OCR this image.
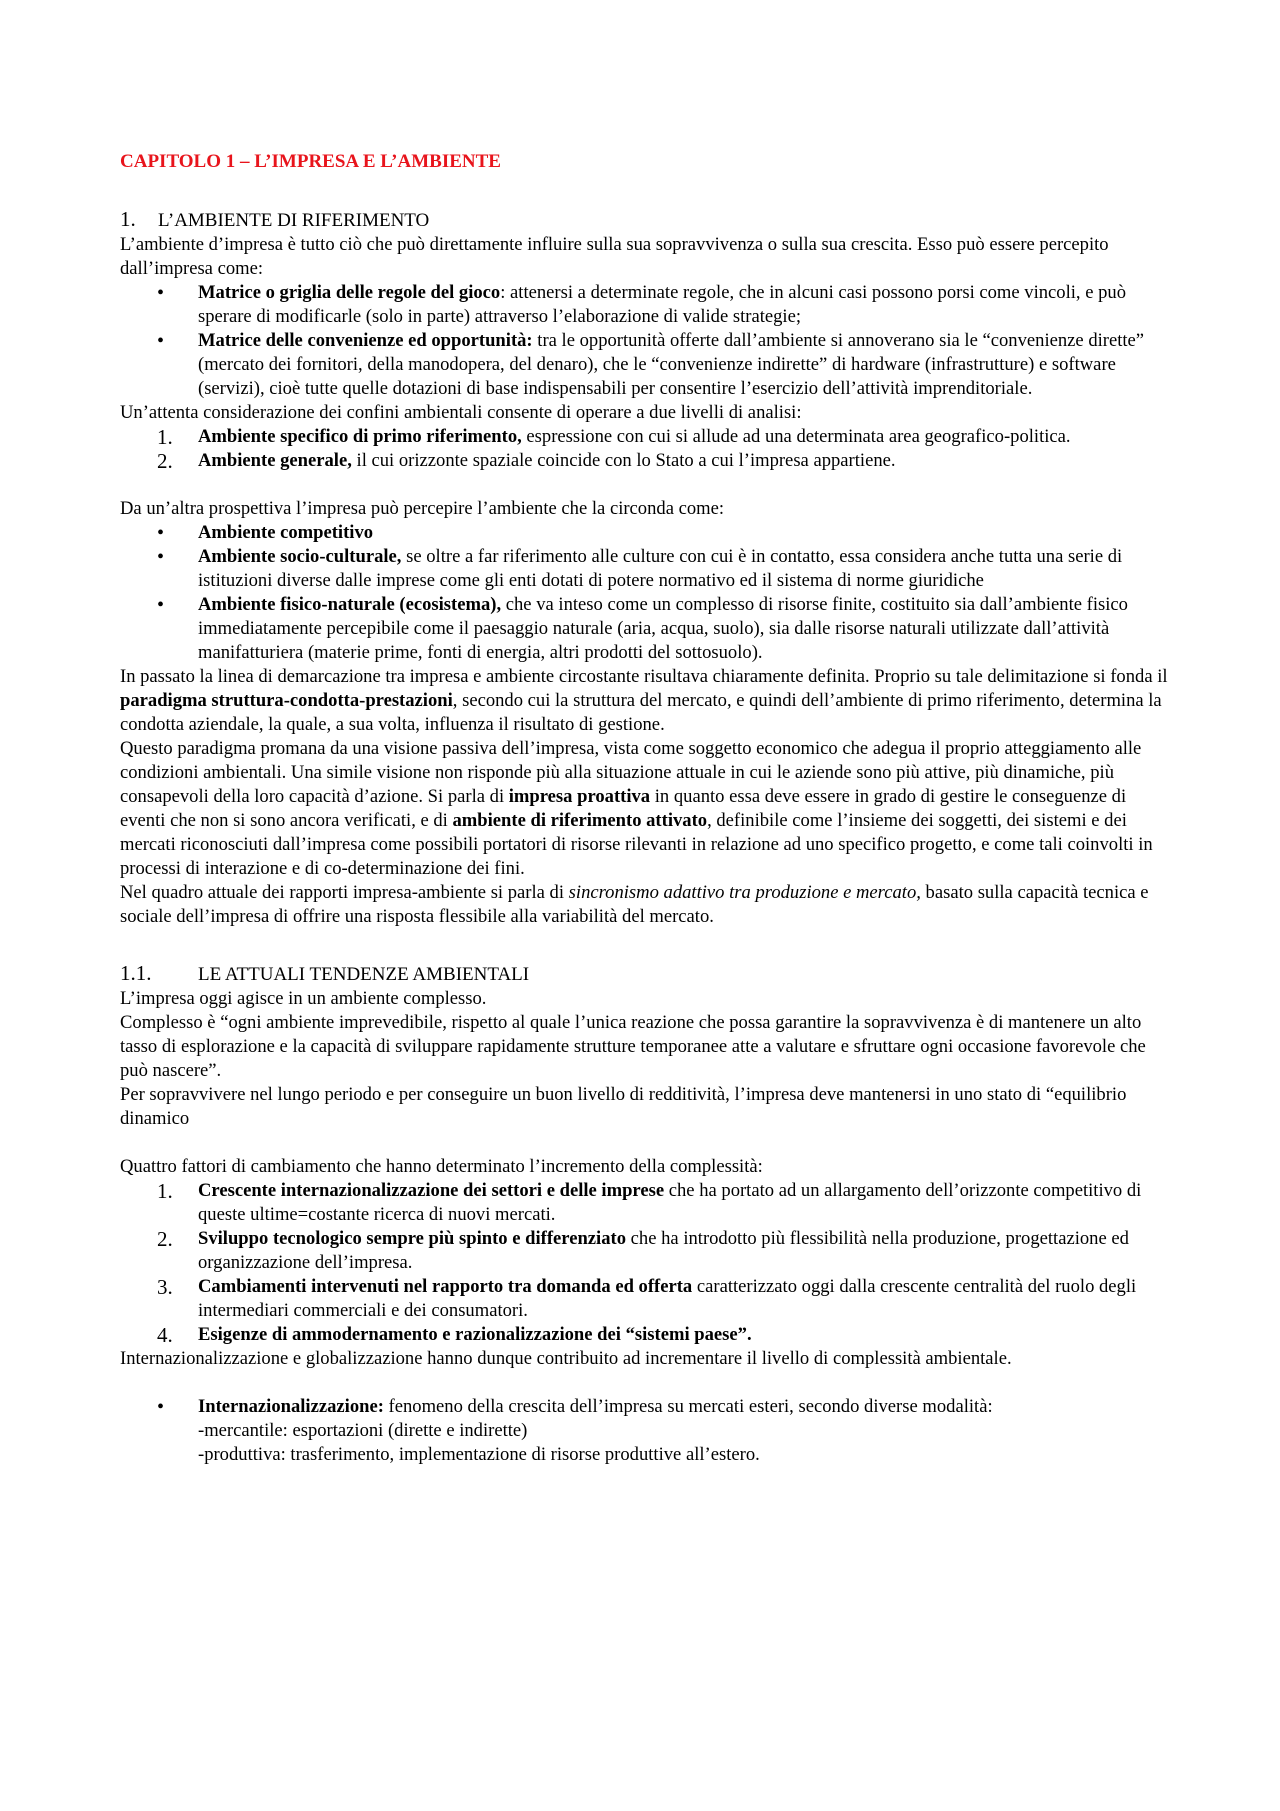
CAPITOLO 1 – L’IMPRESA E L’AMBIENTE

1. L’AMBIENTE DI RIFERIMENTO

L’ambiente d’impresa è tutto ciò che può direttamente influire sulla sua sopravvivenza o sulla sua crescita. Esso può essere percepito dall’impresa come:

• Matrice o griglia delle regole del gioco: attenersi a determinate regole, che in alcuni casi possono porsi come vincoli, e può sperare di modificarle (solo in parte) attraverso l’elaborazione di valide strategie;
• Matrice delle convenienze ed opportunità: tra le opportunità offerte dall’ambiente si annoverano sia le “convenienze dirette” (mercato dei fornitori, della manodopera, del denaro), che le “convenienze indirette” di hardware (infrastrutture) e software (servizi), cioè tutte quelle dotazioni di base indispensabili per consentire l’esercizio dell’attività imprenditoriale.

Un’attenta considerazione dei confini ambientali consente di operare a due livelli di analisi:

1. Ambiente specifico di primo riferimento, espressione con cui si allude ad una determinata area geografico-politica.
2. Ambiente generale, il cui orizzonte spaziale coincide con lo Stato a cui l’impresa appartiene.

Da un’altra prospettiva l’impresa può percepire l’ambiente che la circonda come:

• Ambiente competitivo
• Ambiente socio-culturale, se oltre a far riferimento alle culture con cui è in contatto, essa considera anche tutta una serie di istituzioni diverse dalle imprese come gli enti dotati di potere normativo ed il sistema di norme giuridiche
• Ambiente fisico-naturale (ecosistema), che va inteso come un complesso di risorse finite, costituito sia dall’ambiente fisico immediatamente percepibile come il paesaggio naturale (aria, acqua, suolo), sia dalle risorse naturali utilizzate dall’attività manifatturiera (materie prime, fonti di energia, altri prodotti del sottosuolo).

In passato la linea di demarcazione tra impresa e ambiente circostante risultava chiaramente definita. Proprio su tale delimitazione si fonda il paradigma struttura-condotta-prestazioni, secondo cui la struttura del mercato, e quindi dell’ambiente di primo riferimento, determina la condotta aziendale, la quale, a sua volta, influenza il risultato di gestione.

Questo paradigma promana da una visione passiva dell’impresa, vista come soggetto economico che adegua il proprio atteggiamento alle condizioni ambientali. Una simile visione non risponde più alla situazione attuale in cui le aziende sono più attive, più dinamiche, più consapevoli della loro capacità d’azione. Si parla di impresa proattiva in quanto essa deve essere in grado di gestire le conseguenze di eventi che non si sono ancora verificati, e di ambiente di riferimento attivato, definibile come l’insieme dei soggetti, dei sistemi e dei mercati riconosciuti dall’impresa come possibili portatori di risorse rilevanti in relazione ad uno specifico progetto, e come tali coinvolti in processi di interazione e di co-determinazione dei fini.

Nel quadro attuale dei rapporti impresa-ambiente si parla di sincronismo adattivo tra produzione e mercato, basato sulla capacità tecnica e sociale dell’impresa di offrire una risposta flessibile alla variabilità del mercato.

1.1. LE ATTUALI TENDENZE AMBIENTALI

L’impresa oggi agisce in un ambiente complesso.

Complesso è “ogni ambiente imprevedibile, rispetto al quale l’unica reazione che possa garantire la sopravvivenza è di mantenere un alto tasso di esplorazione e la capacità di sviluppare rapidamente strutture temporanee atte a valutare e sfruttare ogni occasione favorevole che può nascere”.

Per sopravvivere nel lungo periodo e per conseguire un buon livello di redditività, l’impresa deve mantenersi in uno stato di “equilibrio dinamico

Quattro fattori di cambiamento che hanno determinato l’incremento della complessità:

1. Crescente internazionalizzazione dei settori e delle imprese che ha portato ad un allargamento dell’orizzonte competitivo di queste ultime=costante ricerca di nuovi mercati.
2. Sviluppo tecnologico sempre più spinto e differenziato che ha introdotto più flessibilità nella produzione, progettazione ed organizzazione dell’impresa.
3. Cambiamenti intervenuti nel rapporto tra domanda ed offerta caratterizzato oggi dalla crescente centralità del ruolo degli intermediari commerciali e dei consumatori.
4. Esigenze di ammodernamento e razionalizzazione dei “sistemi paese”.

Internazionalizzazione e globalizzazione hanno dunque contribuito ad incrementare il livello di complessità ambientale.

• Internazionalizzazione: fenomeno della crescita dell’impresa su mercati esteri, secondo diverse modalità:
-mercantile: esportazioni (dirette e indirette)
-produttiva: trasferimento, implementazione di risorse produttive all’estero.
